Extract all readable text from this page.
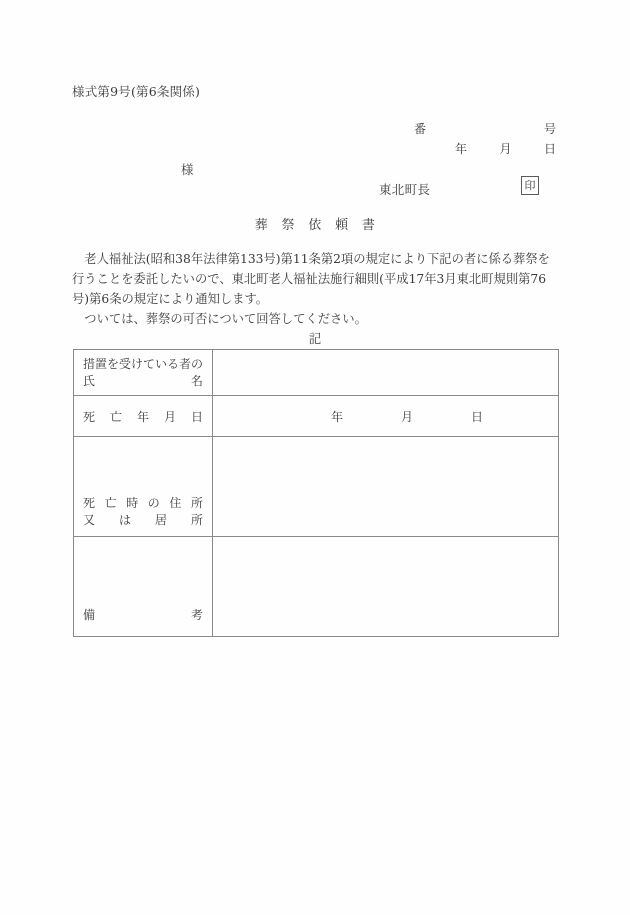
様式第9号(第6条関係)
番	号
年	月	日
様
東北町長	印
葬　祭　依　頼　書
　老人福祉法(昭和38年法律第133号)第11条第2項の規定により下記の者に係る葬祭を行うことを委託したいので、東北町老人福祉法施行細則(平成17年3月東北町規則第76号)第6条の規定により通知します。
　ついては、葬祭の可否について回答してください。
記
措置を受けている者の
氏 名	

死 亡 年 月 日	年 月 日

死 亡 時 の 住 所
又 は 居 所

備 考	
